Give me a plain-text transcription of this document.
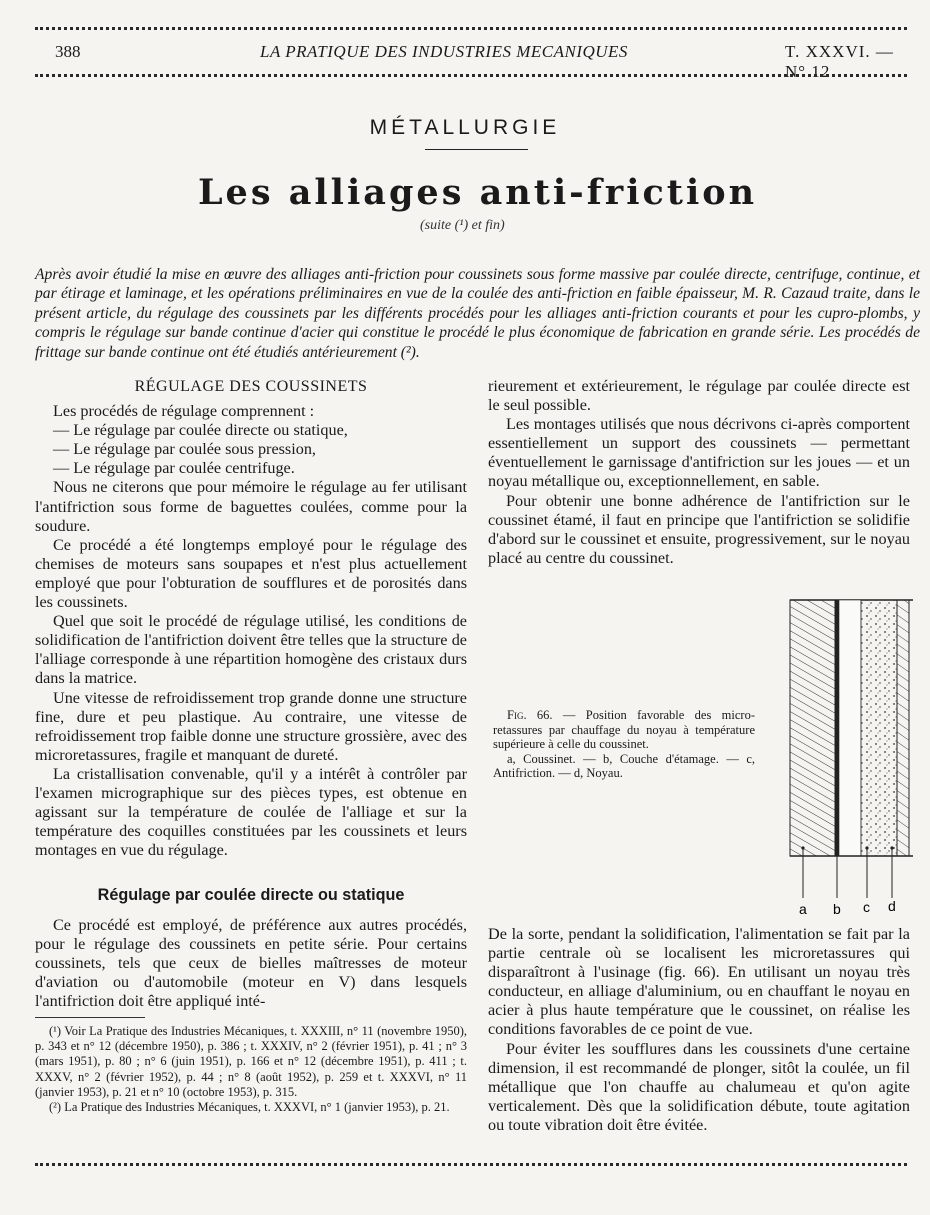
388	LA PRATIQUE DES INDUSTRIES MECANIQUES	T. XXXVI. — N° 12
MÉTALLURGIE
Les alliages anti-friction
(suite (¹) et fin)
Après avoir étudié la mise en œuvre des alliages anti-friction pour coussinets sous forme massive par coulée directe, centrifuge, continue, et par étirage et laminage, et les opérations préliminaires en vue de la coulée des anti-friction en faible épaisseur, M. R. Cazaud traite, dans le présent article, du régulage des coussinets par les différents procédés pour les alliages anti-friction courants et pour les cupro-plombs, y compris le régulage sur bande continue d'acier qui constitue le procédé le plus économique de fabrication en grande série. Les procédés de frittage sur bande continue ont été étudiés antérieurement (²).

RÉGULAGE DES COUSSINETS

Les procédés de régulage comprennent :

— Le régulage par coulée directe ou statique,

— Le régulage par coulée sous pression,

— Le régulage par coulée centrifuge.

Nous ne citerons que pour mémoire le régulage au fer utilisant l'antifriction sous forme de baguettes coulées, comme pour la soudure.

Ce procédé a été longtemps employé pour le régulage des chemises de moteurs sans soupapes et n'est plus actuellement employé que pour l'obturation de soufflures et de porosités dans les coussinets.

Quel que soit le procédé de régulage utilisé, les conditions de solidification de l'antifriction doivent être telles que la structure de l'alliage corresponde à une répartition homogène des cristaux durs dans la matrice.

Une vitesse de refroidissement trop grande donne une structure fine, dure et peu plastique. Au contraire, une vitesse de refroidissement trop faible donne une structure grossière, avec des microretassures, fragile et manquant de dureté.

La cristallisation convenable, qu'il y a intérêt à contrôler par l'examen micrographique sur des pièces types, est obtenue en agissant sur la température de coulée de l'alliage et sur la température des coquilles constituées par les coussinets et leurs montages en vue du régulage.

Régulage par coulée directe ou statique

Ce procédé est employé, de préférence aux autres procédés, pour le régulage des coussinets en petite série. Pour certains coussinets, tels que ceux de bielles maîtresses de moteur d'aviation ou d'automobile (moteur en V) dans lesquels l'antifriction doit être appliqué inté-

(¹) Voir La Pratique des Industries Mécaniques, t. XXXIII, n° 11 (novembre 1950), p. 343 et n° 12 (décembre 1950), p. 386 ; t. XXXIV, n° 2 (février 1951), p. 41 ; n° 3 (mars 1951), p. 80 ; n° 6 (juin 1951), p. 166 et n° 12 (décembre 1951), p. 411 ; t. XXXV, n° 2 (février 1952), p. 44 ; n° 8 (août 1952), p. 259 et t. XXXVI, n° 11 (janvier 1953), p. 21 et n° 10 (octobre 1953), p. 315.

(²) La Pratique des Industries Mécaniques, t. XXXVI, n° 1 (janvier 1953), p. 21.

rieurement et extérieurement, le régulage par coulée directe est le seul possible.

Les montages utilisés que nous décrivons ci-après comportent essentiellement un support des coussinets — permettant éventuellement le garnissage d'antifriction sur les joues — et un noyau métallique ou, exceptionnellement, en sable.

Pour obtenir une bonne adhérence de l'antifriction sur le coussinet étamé, il faut en principe que l'antifriction se solidifie d'abord sur le coussinet et ensuite, progressivement, sur le noyau placé au centre du coussinet.

Fig. 66. — Position favorable des micro-retassures par chauffage du noyau à température supérieure à celle du coussinet.

a, Coussinet. — b, Couche d'étamage. — c, Antifriction. — d, Noyau.

a b c d

De la sorte, pendant la solidification, l'alimentation se fait par la partie centrale où se localisent les microretassures qui disparaîtront à l'usinage (fig. 66). En utilisant un noyau très conducteur, en alliage d'aluminium, ou en chauffant le noyau en acier à plus haute température que le coussinet, on réalise les conditions favorables de ce point de vue.

Pour éviter les soufflures dans les coussinets d'une certaine dimension, il est recommandé de plonger, sitôt la coulée, un fil métallique que l'on chauffe au chalumeau et qu'on agite verticalement. Dès que la solidification débute, toute agitation ou toute vibration doit être évitée.
